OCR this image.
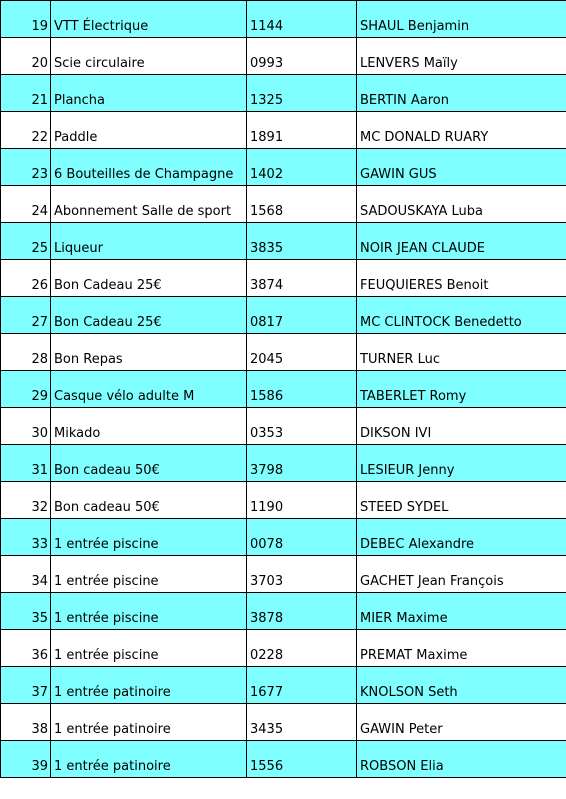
19	VTT Électrique	1144	SHAUL Benjamin
20	Scie circulaire	0993	LENVERS Maïly
21	Plancha	1325	BERTIN Aaron
22	Paddle	1891	MC DONALD RUARY
23	6 Bouteilles de Champagne	1402	GAWIN GUS
24	Abonnement Salle de sport	1568	SADOUSKAYA Luba
25	Liqueur	3835	NOIR JEAN CLAUDE
26	Bon Cadeau 25€	3874	FEUQUIERES Benoit
27	Bon Cadeau 25€	0817	MC CLINTOCK Benedetto
28	Bon Repas	2045	TURNER Luc
29	Casque vélo adulte M	1586	TABERLET Romy
30	Mikado	0353	DIKSON IVI
31	Bon cadeau 50€	3798	LESIEUR Jenny
32	Bon cadeau 50€	1190	STEED SYDEL
33	1 entrée piscine	0078	DEBEC Alexandre
34	1 entrée piscine	3703	GACHET Jean François
35	1 entrée piscine	3878	MIER Maxime
36	1 entrée piscine	0228	PREMAT Maxime
37	1 entrée patinoire	1677	KNOLSON Seth
38	1 entrée patinoire	3435	GAWIN Peter
39	1 entrée patinoire	1556	ROBSON Elia
